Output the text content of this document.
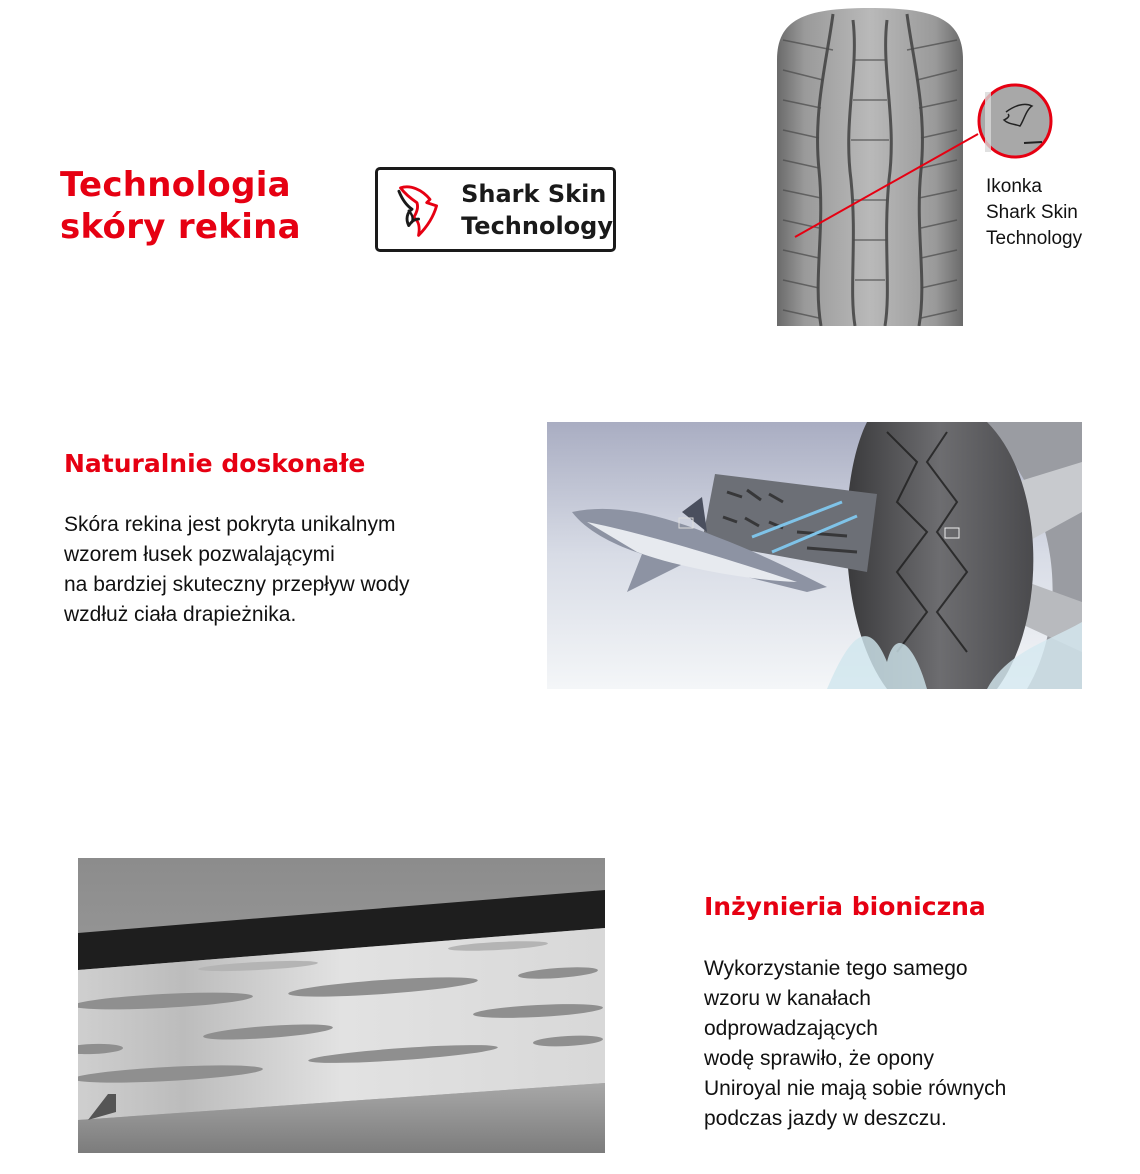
Technologia
skóry rekina
Shark Skin
Technology
Ikonka
Shark Skin
Technology
Naturalnie doskonałe
Skóra rekina jest pokryta unikalnym
wzorem łusek pozwalającymi
na bardziej skuteczny przepływ wody
wzdłuż ciała drapieżnika.
Inżynieria bioniczna
Wykorzystanie tego samego
wzoru w kanałach
odprowadzających
wodę sprawiło, że opony
Uniroyal nie mają sobie równych
podczas jazdy w deszczu.
